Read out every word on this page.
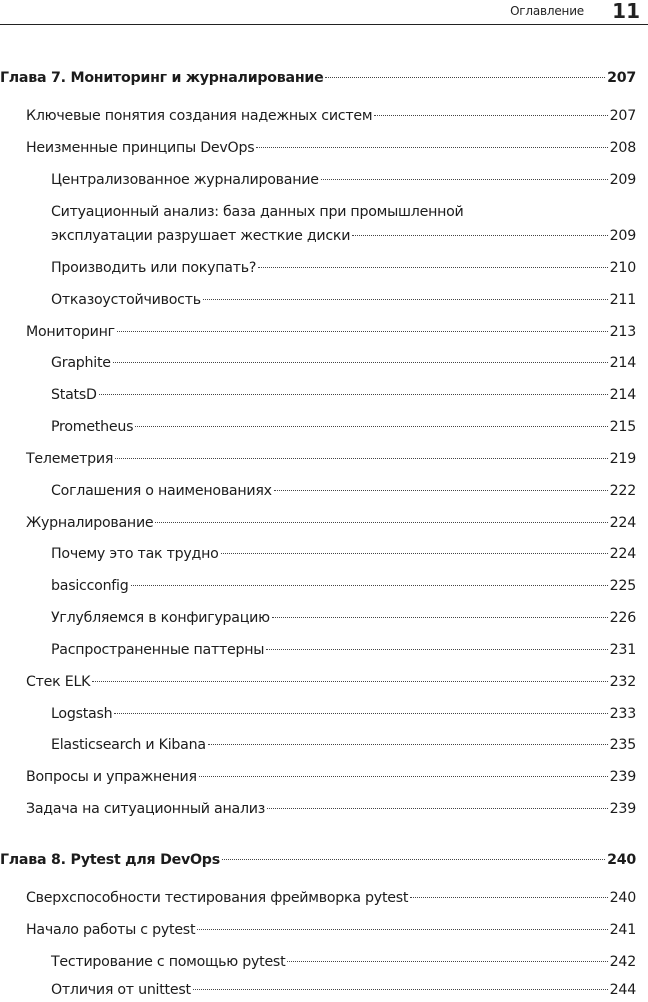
Оглавление 11
Глава 7. Мониторинг и журналирование	207
Ключевые понятия создания надежных систем	207
Неизменные принципы DevOps	208
Централизованное журналирование	209
Ситуационный анализ: база данных при промышленной
эксплуатации разрушает жесткие диски	209
Производить или покупать?	210
Отказоустойчивость	211
Мониторинг	213
Graphite	214
StatsD	214
Prometheus	215
Телеметрия	219
Соглашения о наименованиях	222
Журналирование	224
Почему это так трудно	224
basicconfig	225
Углубляемся в конфигурацию	226
Распространенные паттерны	231
Стек ELK	232
Logstash	233
Elasticsearch и Kibana	235
Вопросы и упражнения	239
Задача на ситуационный анализ	239
Глава 8. Pytest для DevOps	240
Сверхспособности тестирования фреймворка pytest	240
Начало работы с pytest	241
Тестирование с помощью pytest	242
Отличия от unittest	244
